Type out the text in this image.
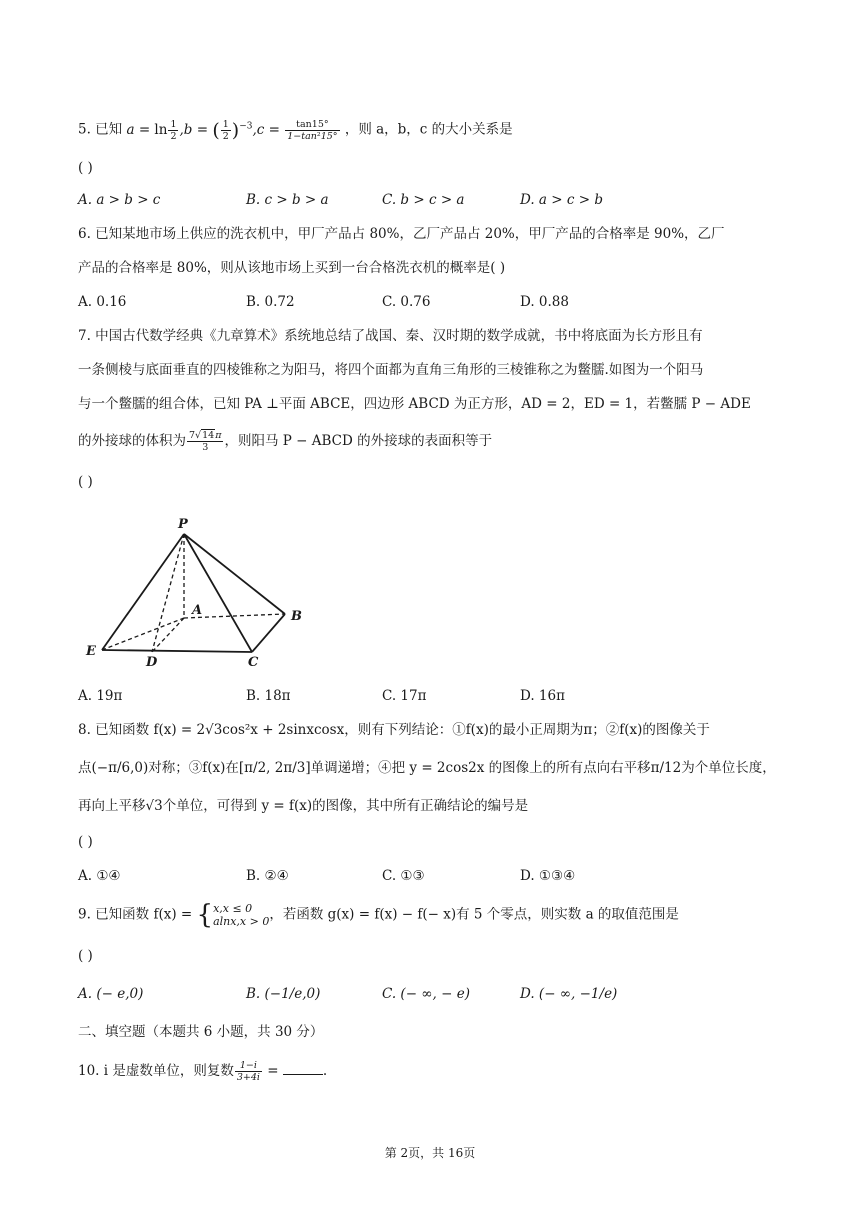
5. 已知 $a = \ln \frac{1}{2} ,b$ = ( $\frac{1}{2} )^{-3},c = \frac{\tan 15^\circ}{\text{1−tan²15°}}$ ，则 a，b，c 的大小关系是
( )
A. a > b > c	B. c > b > a	C. b > c > a	D. a > c > b
6. 已知某地市场上供应的洗衣机中，甲厂产品占 80%，乙厂产品占 20%，甲厂产品的合格率是 90%，乙厂
产品的合格率是 80%，则从该地市场上买到一台合格洗衣机的概率是( )
A. 0.16	B. 0.72	C. 0.76	D. 0.88
7. 中国古代数学经典《九章算术》系统地总结了战国、秦、汉时期的数学成就，书中将底面为长方形且有
一条侧棱与底面垂直的四棱锥称之为阳马，将四个面都为直角三角形的三棱锥称之为鳖臑.如图为一个阳马
与一个鳖臑的组合体，已知 PA ⊥平面 ABCE，四边形 ABCD 为正方形，AD = 2，ED = 1，若鳖臑 P − ADE
的外接球的体积为 $\frac{7√14\pi}{3}$ ，则阳马 P − ABCD 的外接球的表面积等于
( )
P
A	B
E
D	C
A. 19π	B. 18π	C. 17π	D. 16π
8. 已知函数 f(x) = 2√3cos²x + 2sinxcosx，则有下列结论：①f(x)的最小正周期为π；②f(x)的图像关于
点(−π/6,0)对称；③f(x)在[π/2, 2π/3]单调递增；④把 y = 2cos2x 的图像上的所有点向右平移π/12为个单位长度，
再向上平移√3个单位，可得到 y = f(x)的图像，其中所有正确结论的编号是
( )
A. ①④	B. ②④	C. ①③	D. ①③④
9. 已知函数 f(x) = { x,x ≤ 0
alnx,x > 0 ，若函数 g(x) = f(x) − f(− x)有 5 个零点，则实数 a 的取值范围是
( )
A. (− e,0)	B. (−1/e,0)	C. (− ∞, − e)	D. (− ∞, −1/e)
二、填空题（本题共 6 小题，共 30 分）
10. i 是虚数单位，则复数 $\frac{1-i}{3+4i}$ =	.
第 2页，共 16页
